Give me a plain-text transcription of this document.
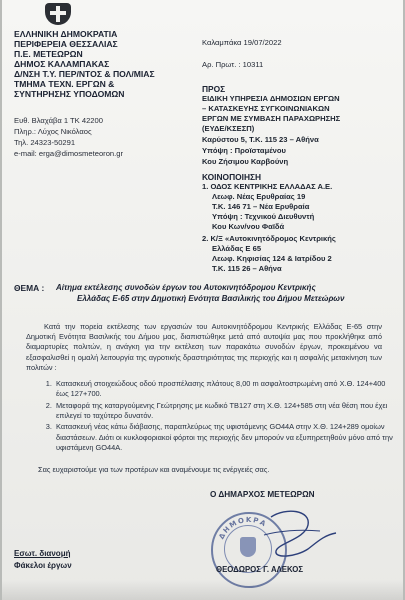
ΕΛΛΗΝΙΚΗ ΔΗΜΟΚΡΑΤΙΑ
ΠΕΡΙΦΕΡΕΙΑ ΘΕΣΣΑΛΙΑΣ
Π.Ε. ΜΕΤΕΩΡΩΝ
ΔΗΜΟΣ ΚΑΛΑΜΠΑΚΑΣ
Δ/ΝΣΗ Τ.Υ. ΠΕΡ/ΝΤΟΣ & ΠΟΛ/ΜΙΑΣ
ΤΜΗΜΑ ΤΕΧΝ. ΕΡΓΩΝ &
ΣΥΝΤΗΡΗΣΗΣ ΥΠΟΔΟΜΩΝ
Ευθ. Βλαχάβα 1 ΤΚ 42200
Πληρ.: Λύχος Νικόλαος
Τηλ. 24323-50291
e-mail: erga@dimosmeteoron.gr
Καλαμπάκα 19/07/2022
Αρ. Πρωτ. : 10311
ΠΡΟΣ
ΕΙΔΙΚΗ ΥΠΗΡΕΣΙΑ ΔΗΜΟΣΙΩΝ ΕΡΓΩΝ
– ΚΑΤΑΣΚΕΥΗΣ ΣΥΓΚΟΙΝΩΝΙΑΚΩΝ
ΕΡΓΩΝ ΜΕ ΣΥΜΒΑΣΗ ΠΑΡΑΧΩΡΗΣΗΣ
(ΕΥΔΕ/ΚΣΕΣΠ)
Καρύστου 5, Τ.Κ. 115 23 – Αθήνα
Υπόψη : Προϊσταμένου
Κου Ζήσιμου Καρβούνη
ΚΟΙΝΟΠΟΙΗΣΗ
1. ΟΔΟΣ ΚΕΝΤΡΙΚΗΣ ΕΛΛΑΔΑΣ Α.Ε.
Λεωφ. Νέας Ερυθραίας 19
Τ.Κ. 146 71 – Νέα Ερυθραία
Υπόψη : Τεχνικού Διευθυντή
Κου Κων/νου Φαϊδά
2. Κ/Ξ «Αυτοκινητόδρομος Κεντρικής
Ελλάδας Ε 65
Λεωφ. Κηφισίας 124 & Ιατρίδου 2
Τ.Κ. 115 26 – Αθήνα
ΘΕΜΑ : Αίτημα εκτέλεσης συνοδών έργων του Αυτοκινητόδρομου Κεντρικής
Ελλάδας Ε-65 στην Δημοτική Ενότητα Βασιλικής του Δήμου Μετεώρων
Κατά την πορεία εκτέλεσης των εργασιών του Αυτοκινητόδρομου Κεντρικής Ελλάδας Ε-65 στην Δημοτική Ενότητα Βασιλικής του Δήμου μας, διαπιστώθηκε μετά από αυτοψία μας που προκλήθηκε από διαμαρτυρίες πολιτών, η ανάγκη για την εκτέλεση των παρακάτω συνοδών έργων, προκειμένου να εξασφαλισθεί η ομαλή λειτουργία της αγροτικής δραστηριότητας της περιοχής και η ασφαλής μετακίνηση των πολιτών :
1. Κατασκευή στοιχειώδους οδού προσπέλασης πλάτους 8,00 m ασφαλτοστρωμένη από Χ.Θ. 124+400 έως 127+700.
2. Μεταφορά της καταργούμενης Γεώτρησης με κωδικό ΤΒ127 στη Χ.Θ. 124+585 στη νέα θέση που έχει επιλεγεί το ταχύτερο δυνατόν.
3. Κατασκευή νέας κάτω διάβασης, παραπλεύρως της υφιστάμενης GO44A στην Χ.Θ. 124+289 ομοίων διαστάσεων. Διότι οι κυκλοφοριακοί φόρτοι της περιοχής δεν μπορούν να εξυπηρετηθούν μόνο από την υφιστάμενη GO44A.
Σας ευχαριστούμε για των προτέρων και αναμένουμε τις ενέργειές σας.
Ο ΔΗΜΑΡΧΟΣ ΜΕΤΕΩΡΩΝ
ΔΗΜΟΚΡΑ
ΘΕΟΔΩΡΟΣ Γ. ΑΛΕΚΟΣ
Εσωτ. διανομή
Φάκελοι έργων
